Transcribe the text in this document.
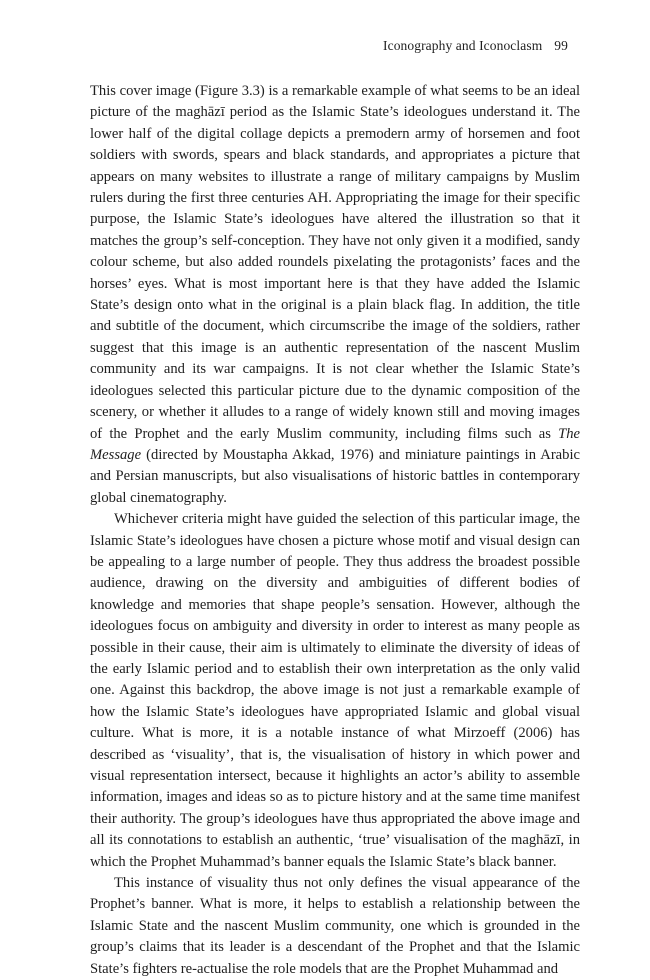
Iconography and Iconoclasm 99

This cover image (Figure 3.3) is a remarkable example of what seems to be an ideal picture of the maghāzī period as the Islamic State’s ideologues understand it. The lower half of the digital collage depicts a premodern army of horsemen and foot soldiers with swords, spears and black standards, and appropriates a picture that appears on many websites to illustrate a range of military campaigns by Muslim rulers during the first three centuries AH. Appropriating the image for their specific purpose, the Islamic State’s ideologues have altered the illustration so that it matches the group’s self-conception. They have not only given it a modified, sandy colour scheme, but also added roundels pixelating the protagonists’ faces and the horses’ eyes. What is most important here is that they have added the Islamic State’s design onto what in the original is a plain black flag. In addition, the title and subtitle of the document, which circumscribe the image of the soldiers, rather suggest that this image is an authentic representation of the nascent Muslim community and its war campaigns. It is not clear whether the Islamic State’s ideologues selected this particular picture due to the dynamic composition of the scenery, or whether it alludes to a range of widely known still and moving images of the Prophet and the early Muslim community, including films such as The Message (directed by Moustapha Akkad, 1976) and miniature paintings in Arabic and Persian manuscripts, but also visualisations of historic battles in contemporary global cinematography.

Whichever criteria might have guided the selection of this particular image, the Islamic State’s ideologues have chosen a picture whose motif and visual design can be appealing to a large number of people. They thus address the broadest possible audience, drawing on the diversity and ambiguities of different bodies of knowledge and memories that shape people’s sensation. However, although the ideologues focus on ambiguity and diversity in order to interest as many people as possible in their cause, their aim is ultimately to eliminate the diversity of ideas of the early Islamic period and to establish their own interpretation as the only valid one. Against this backdrop, the above image is not just a remarkable example of how the Islamic State’s ideologues have appropriated Islamic and global visual culture. What is more, it is a notable instance of what Mirzoeff (2006) has described as ‘visuality’, that is, the visualisation of history in which power and visual representation intersect, because it highlights an actor’s ability to assemble information, images and ideas so as to picture history and at the same time manifest their authority. The group’s ideologues have thus appropriated the above image and all its connotations to establish an authentic, ‘true’ visualisation of the maghāzī, in which the Prophet Muhammad’s banner equals the Islamic State’s black banner.

This instance of visuality thus not only defines the visual appearance of the Prophet’s banner. What is more, it helps to establish a relationship between the Islamic State and the nascent Muslim community, one which is grounded in the group’s claims that its leader is a descendant of the Prophet and that the Islamic State’s fighters re-actualise the role models that are the Prophet Muhammad and
